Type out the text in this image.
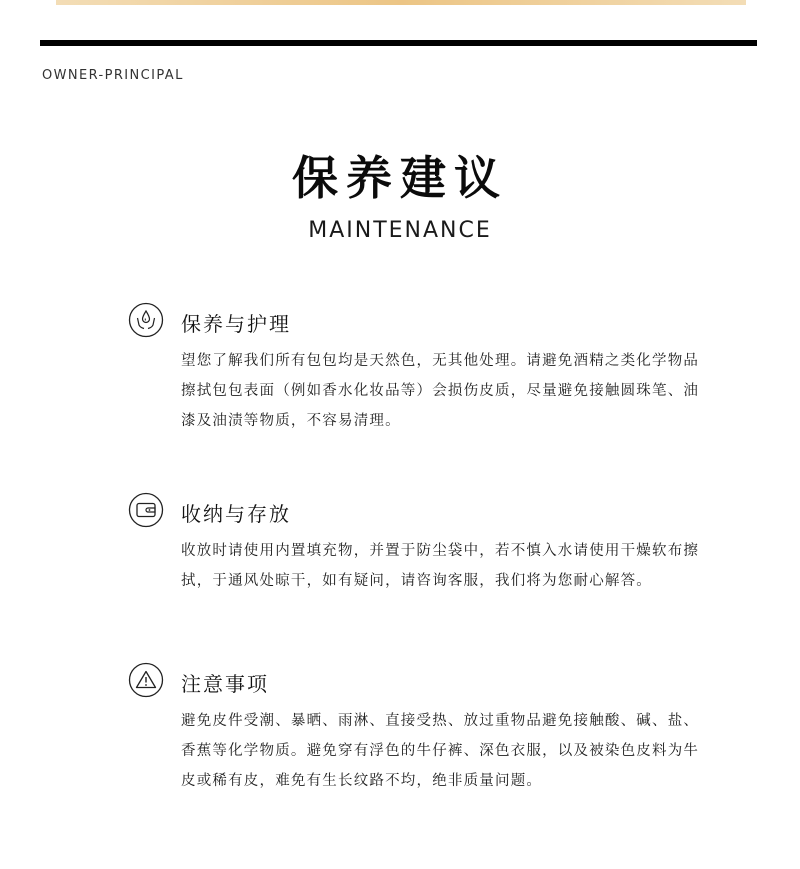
OWNER-PRINCIPAL
保养建议
MAINTENANCE
保养与护理
望您了解我们所有包包均是天然色，无其他处理。请避免酒精之类化学物品
擦拭包包表面（例如香水化妆品等）会损伤皮质，尽量避免接触圆珠笔、油
漆及油渍等物质，不容易清理。
收纳与存放
收放时请使用内置填充物，并置于防尘袋中，若不慎入水请使用干燥软布擦
拭，于通风处晾干，如有疑问，请咨询客服，我们将为您耐心解答。
注意事项
避免皮件受潮、暴晒、雨淋、直接受热、放过重物品避免接触酸、碱、盐、
香蕉等化学物质。避免穿有浮色的牛仔裤、深色衣服，以及被染色皮料为牛
皮或稀有皮，难免有生长纹路不均，绝非质量问题。
